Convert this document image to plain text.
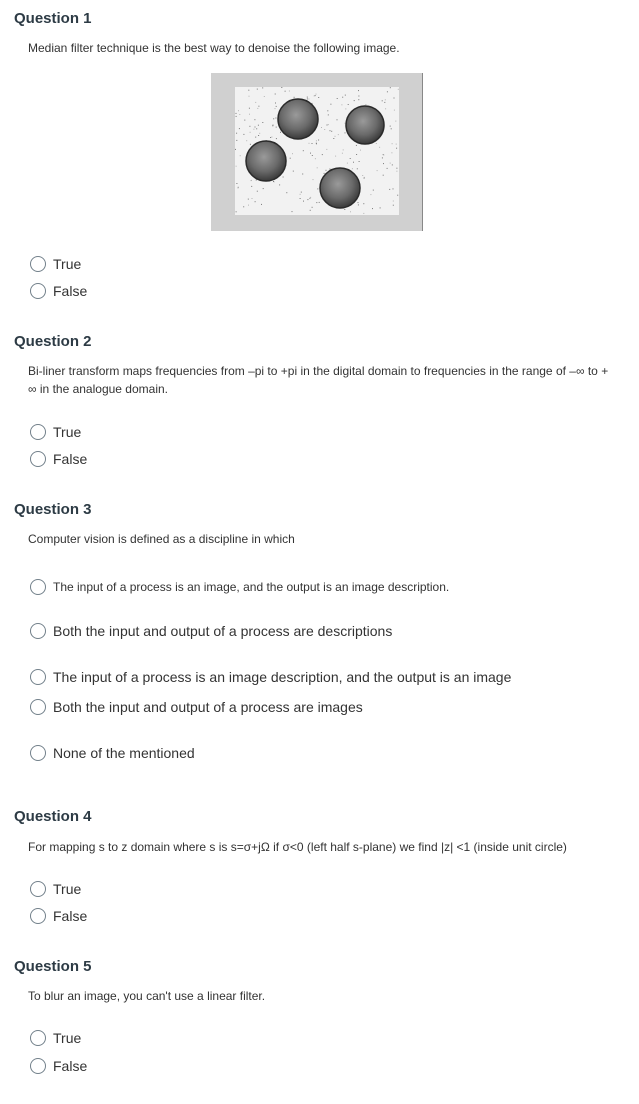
Question 1
Median filter technique is the best way to denoise the following image.
True
False
Question 2
Bi-liner transform maps frequencies from –pi to +pi in the digital domain to frequencies in the range of –∞ to + ∞ in the analogue domain.
True
False
Question 3
Computer vision is defined as a discipline in which
The input of a process is an image, and the output is an image description.
Both the input and output of a process are descriptions
The input of a process is an image description, and the output is an image
Both the input and output of a process are images
None of the mentioned
Question 4
For mapping s to z domain where s is s=σ+jΩ if σ<0 (left half s-plane) we find |z| <1 (inside unit circle)
True
False
Question 5
To blur an image, you can't use a linear filter.
True
False
